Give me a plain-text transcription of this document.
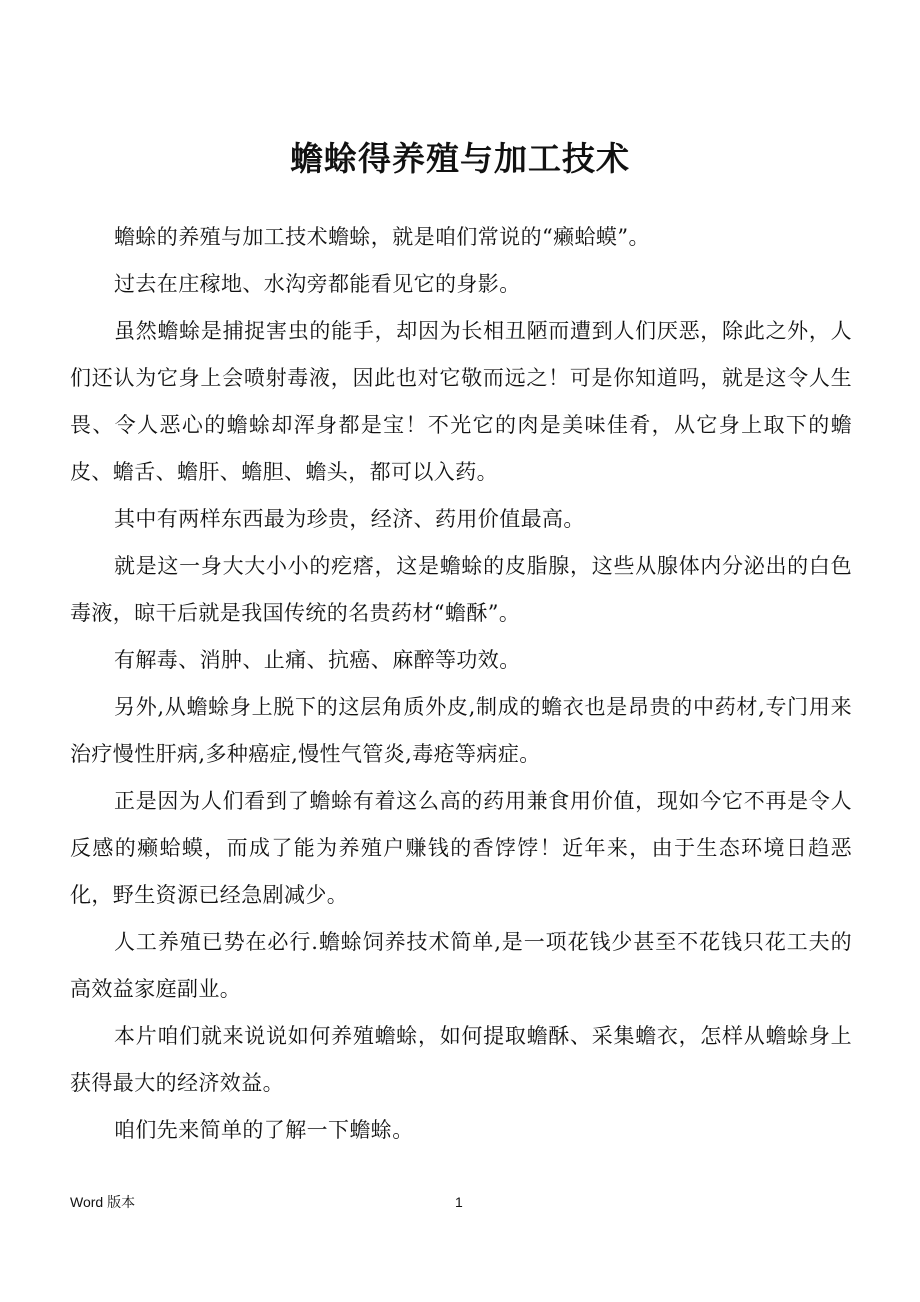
蟾蜍得养殖与加工技术

蟾蜍的养殖与加工技术蟾蜍，就是咱们常说的“癞蛤蟆”。

过去在庄稼地、水沟旁都能看见它的身影。

虽然蟾蜍是捕捉害虫的能手，却因为长相丑陋而遭到人们厌恶，除此之外，人们还认为它身上会喷射毒液，因此也对它敬而远之！可是你知道吗，就是这令人生畏、令人恶心的蟾蜍却浑身都是宝！不光它的肉是美味佳肴，从它身上取下的蟾皮、蟾舌、蟾肝、蟾胆、蟾头，都可以入药。

其中有两样东西最为珍贵，经济、药用价值最高。

就是这一身大大小小的疙瘩，这是蟾蜍的皮脂腺，这些从腺体内分泌出的白色毒液，晾干后就是我国传统的名贵药材“蟾酥”。

有解毒、消肿、止痛、抗癌、麻醉等功效。

另外,从蟾蜍身上脱下的这层角质外皮,制成的蟾衣也是昂贵的中药材,专门用来治疗慢性肝病,多种癌症,慢性气管炎,毒疮等病症。

正是因为人们看到了蟾蜍有着这么高的药用兼食用价值，现如今它不再是令人反感的癞蛤蟆，而成了能为养殖户赚钱的香饽饽！近年来，由于生态环境日趋恶化，野生资源已经急剧减少。

人工养殖已势在必行.蟾蜍饲养技术简单,是一项花钱少甚至不花钱只花工夫的高效益家庭副业。

本片咱们就来说说如何养殖蟾蜍，如何提取蟾酥、采集蟾衣，怎样从蟾蜍身上获得最大的经济效益。

咱们先来简单的了解一下蟾蜍。

Word 版本	1
